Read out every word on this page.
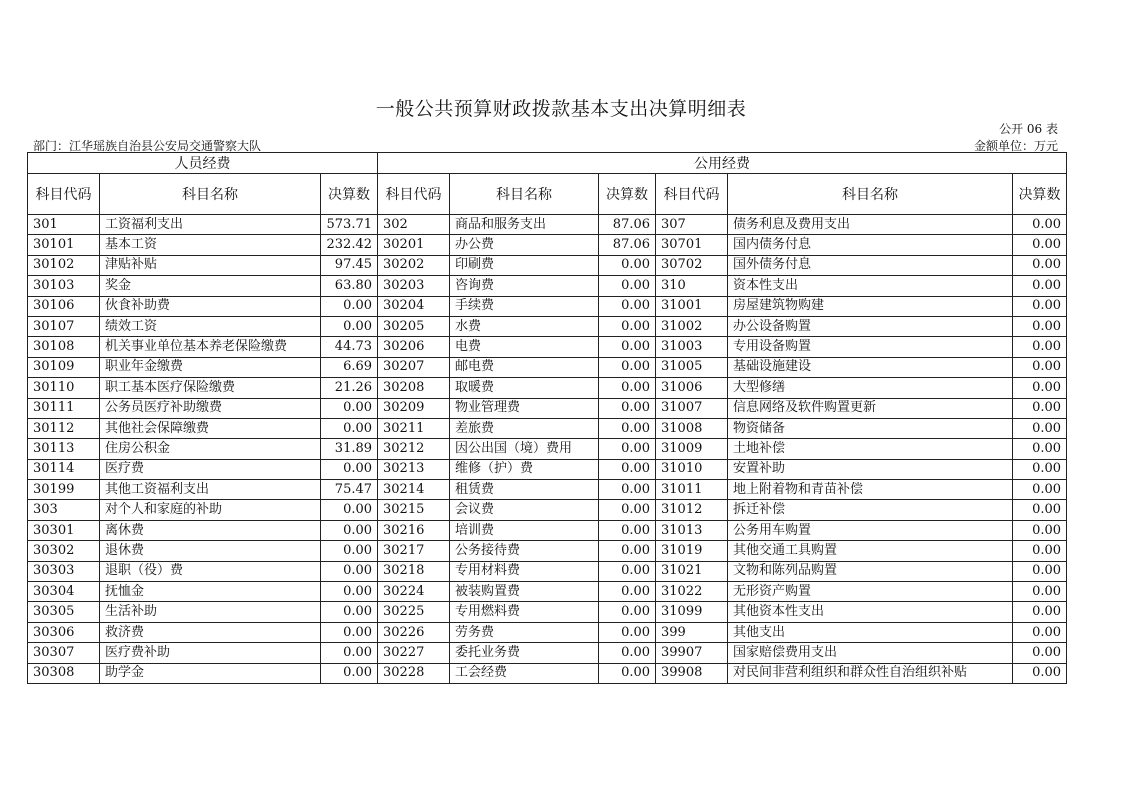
一般公共预算财政拨款基本支出决算明细表
公开 06 表
部门：江华瑶族自治县公安局交通警察大队	金额单位：万元
人员经费			公用经费					
科目代码	科目名称	决算数	科目代码	科目名称	决算数	科目代码	科目名称	决算数
301	工资福利支出	573.71	302	商品和服务支出	87.06	307	债务利息及费用支出	0.00
30101	基本工资	232.42	30201	办公费	87.06	30701	国内债务付息	0.00
30102	津贴补贴	97.45	30202	印刷费	0.00	30702	国外债务付息	0.00
30103	奖金	63.80	30203	咨询费	0.00	310	资本性支出	0.00
30106	伙食补助费	0.00	30204	手续费	0.00	31001	房屋建筑物购建	0.00
30107	绩效工资	0.00	30205	水费	0.00	31002	办公设备购置	0.00
30108	机关事业单位基本养老保险缴费	44.73	30206	电费	0.00	31003	专用设备购置	0.00
30109	职业年金缴费	6.69	30207	邮电费	0.00	31005	基础设施建设	0.00
30110	职工基本医疗保险缴费	21.26	30208	取暖费	0.00	31006	大型修缮	0.00
30111	公务员医疗补助缴费	0.00	30209	物业管理费	0.00	31007	信息网络及软件购置更新	0.00
30112	其他社会保障缴费	0.00	30211	差旅费	0.00	31008	物资储备	0.00
30113	住房公积金	31.89	30212	因公出国（境）费用	0.00	31009	土地补偿	0.00
30114	医疗费	0.00	30213	维修（护）费	0.00	31010	安置补助	0.00
30199	其他工资福利支出	75.47	30214	租赁费	0.00	31011	地上附着物和青苗补偿	0.00
303	对个人和家庭的补助	0.00	30215	会议费	0.00	31012	拆迁补偿	0.00
30301	离休费	0.00	30216	培训费	0.00	31013	公务用车购置	0.00
30302	退休费	0.00	30217	公务接待费	0.00	31019	其他交通工具购置	0.00
30303	退职（役）费	0.00	30218	专用材料费	0.00	31021	文物和陈列品购置	0.00
30304	抚恤金	0.00	30224	被装购置费	0.00	31022	无形资产购置	0.00
30305	生活补助	0.00	30225	专用燃料费	0.00	31099	其他资本性支出	0.00
30306	救济费	0.00	30226	劳务费	0.00	399	其他支出	0.00
30307	医疗费补助	0.00	30227	委托业务费	0.00	39907	国家赔偿费用支出	0.00
30308	助学金	0.00	30228	工会经费	0.00	39908	对民间非营利组织和群众性自治组织补贴	0.00
